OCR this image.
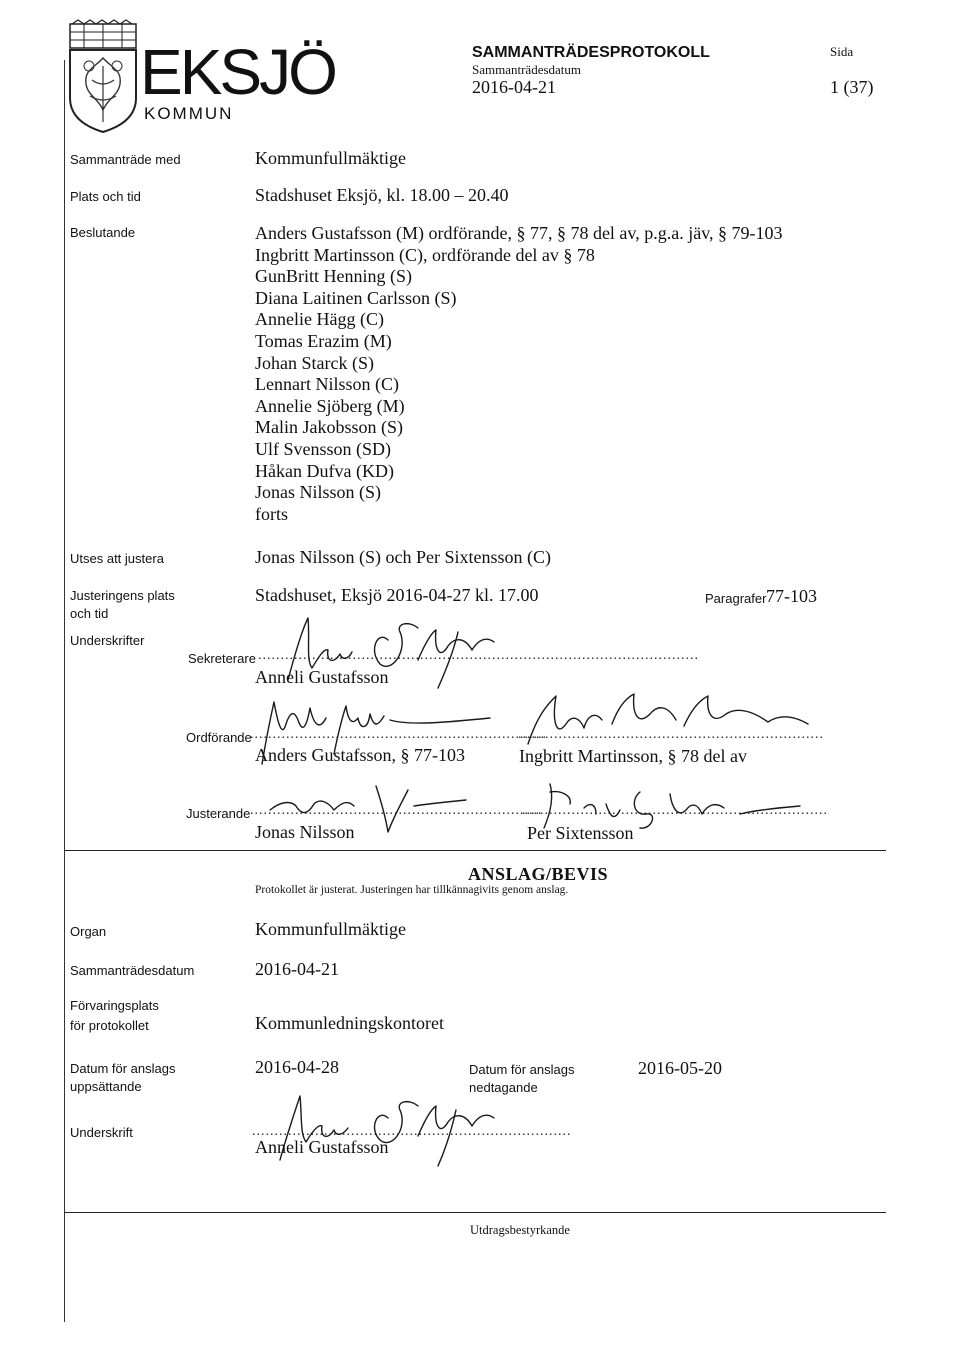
EKSJÖ
KOMMUN
SAMMANTRÄDESPROTOKOLL
Sammanträdesdatum
2016-04-21
Sida
1 (37)
Sammanträde med	Kommunfullmäktige
Plats och tid	Stadshuset Eksjö, kl. 18.00 – 20.40
Beslutande	Anders Gustafsson (M) ordförande, § 77, § 78 del av, p.g.a. jäv, § 79-103
Ingbritt Martinsson (C), ordförande del av § 78
GunBritt Henning (S)
Diana Laitinen Carlsson (S)
Annelie Hägg (C)
Tomas Erazim (M)
Johan Starck (S)
Lennart Nilsson (C)
Annelie Sjöberg (M)
Malin Jakobsson (S)
Ulf Svensson (SD)
Håkan Dufva (KD)
Jonas Nilsson (S)
forts
Utses att justera	Jonas Nilsson (S) och Per Sixtensson (C)
Justeringens plats
och tid
Stadshuset, Eksjö 2016-04-27 kl. 17.00	Paragrafer 77-103
Underskrifter
Sekreterare ..................................................................................................
Anneli Gustafsson
Ordförande
..................................................................
....................................................................
Anders Gustafsson, § 77-103	Ingbritt Martinsson, § 78 del av
Justerande .................................................................
....................................................................
Jonas Nilsson	Per Sixtensson
ANSLAG/BEVIS
Protokollet är justerat. Justeringen har tillkännagivits genom anslag.
Organ	Kommunfullmäktige
Sammanträdesdatum	2016-04-21
Förvaringsplats
för protokollet	Kommunledningskontoret
Datum för anslags
uppsättande
2016-04-28	Datum för anslags
nedtagande
2016-05-20
Underskrift	.......................................................................
Anneli Gustafsson
Utdragsbestyrkande
